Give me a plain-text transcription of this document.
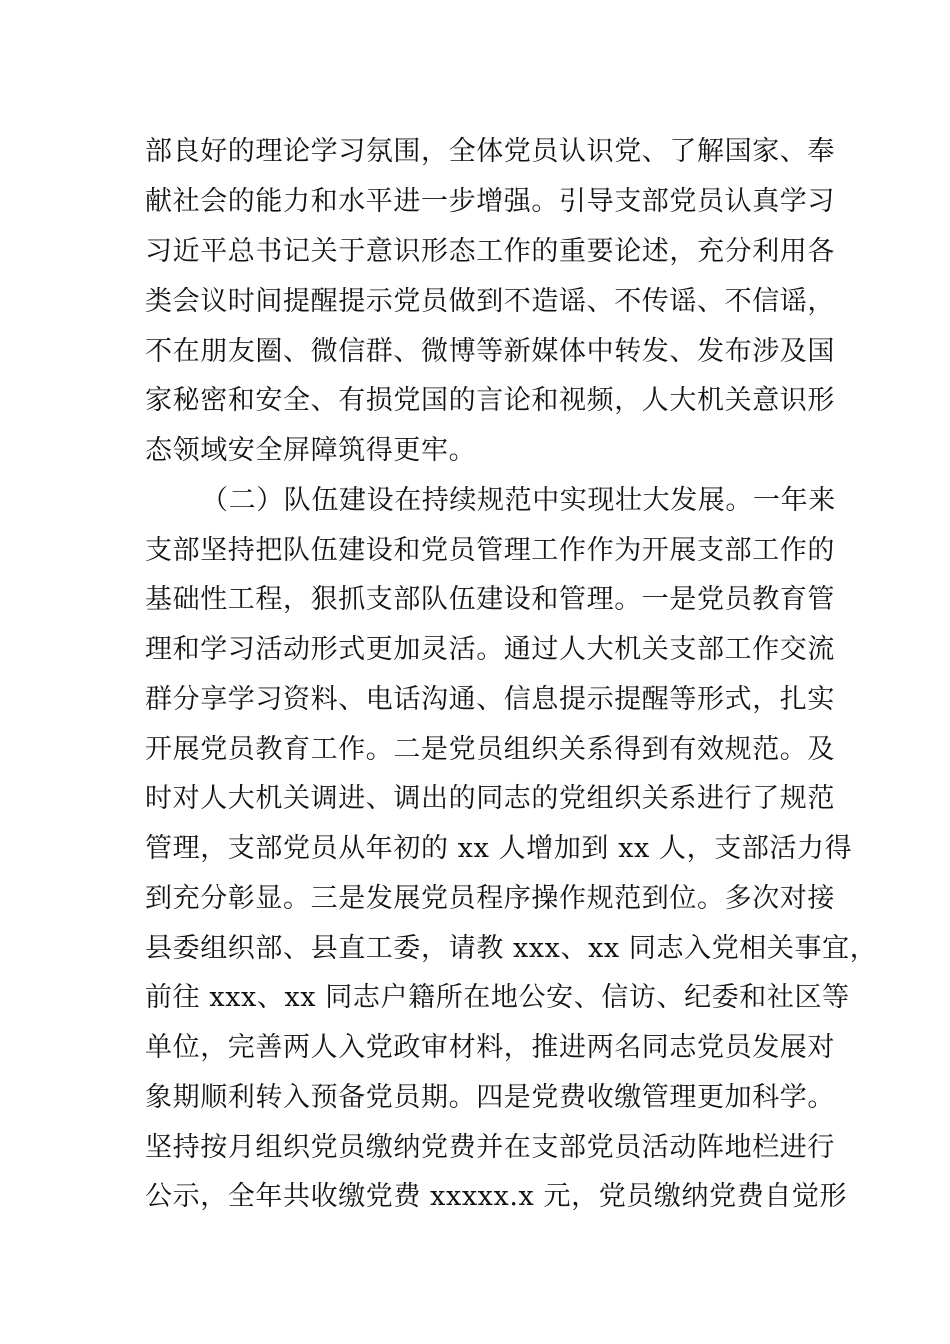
部良好的理论学习氛围，全体党员认识党、了解国家、奉
献社会的能力和水平进一步增强。引导支部党员认真学习
习近平总书记关于意识形态工作的重要论述，充分利用各
类会议时间提醒提示党员做到不造谣、不传谣、不信谣，
不在朋友圈、微信群、微博等新媒体中转发、发布涉及国
家秘密和安全、有损党国的言论和视频，人大机关意识形
态领域安全屏障筑得更牢。
（二）队伍建设在持续规范中实现壮大发展。一年来
支部坚持把队伍建设和党员管理工作作为开展支部工作的
基础性工程，狠抓支部队伍建设和管理。一是党员教育管
理和学习活动形式更加灵活。通过人大机关支部工作交流
群分享学习资料、电话沟通、信息提示提醒等形式，扎实
开展党员教育工作。二是党员组织关系得到有效规范。及
时对人大机关调进、调出的同志的党组织关系进行了规范
管理，支部党员从年初的 xx 人增加到 xx 人，支部活力得
到充分彰显。三是发展党员程序操作规范到位。多次对接
县委组织部、县直工委，请教 xxx、xx 同志入党相关事宜，
前往 xxx、xx 同志户籍所在地公安、信访、纪委和社区等
单位，完善两人入党政审材料，推进两名同志党员发展对
象期顺利转入预备党员期。四是党费收缴管理更加科学。
坚持按月组织党员缴纳党费并在支部党员活动阵地栏进行
公示，全年共收缴党费 xxxxx.x 元，党员缴纳党费自觉形
